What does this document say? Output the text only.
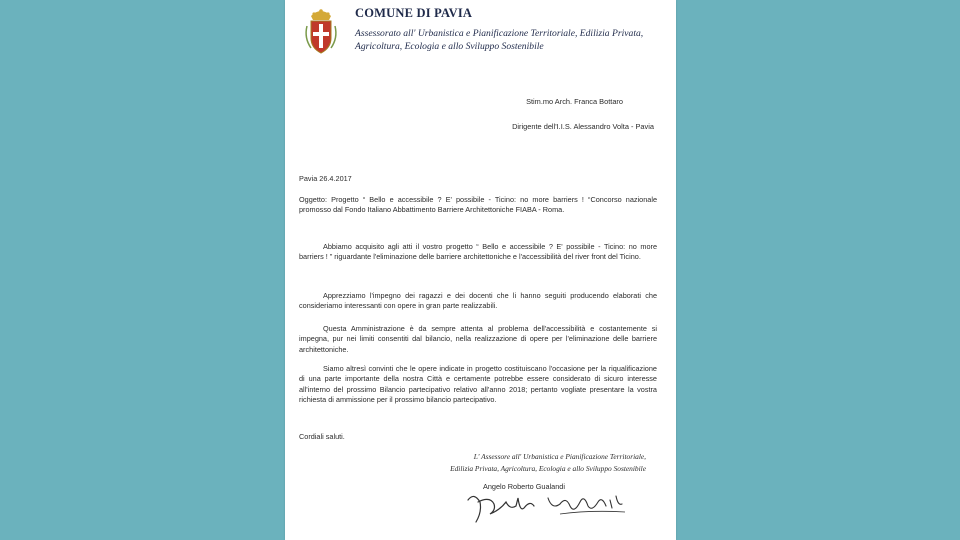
COMUNE DI PAVIA
Assessorato all' Urbanistica e Pianificazione Territoriale, Edilizia Privata, Agricoltura, Ecologia e allo Sviluppo Sostenibile
Stim.mo Arch. Franca Bottaro
Dirigente dell'I.I.S. Alessandro Volta - Pavia
Pavia 26.4.2017
Oggetto: Progetto “ Bello e accessibile ? E' possibile - Ticino: no more barriers ! “Concorso nazionale promosso dal Fondo Italiano Abbattimento Barriere Architettoniche FIABA - Roma.
Abbiamo acquisito agli atti il vostro progetto “ Bello e accessibile ? E' possibile - Ticino: no more barriers ! ” riguardante l'eliminazione delle barriere architettoniche e l'accessibilità del river front del Ticino.
Apprezziamo l'impegno dei ragazzi e dei docenti che li hanno seguiti producendo elaborati che consideriamo interessanti con opere in gran parte realizzabili.
Questa Amministrazione è da sempre attenta al problema dell'accessibilità e costantemente si impegna, pur nei limiti consentiti dal bilancio, nella realizzazione di opere per l'eliminazione delle barriere architettoniche.
Siamo altresì convinti che le opere indicate in progetto costituiscano l'occasione per la riqualificazione di una parte importante della nostra Città e certamente potrebbe essere considerato di sicuro interesse all'interno del prossimo Bilancio partecipativo relativo all'anno 2018; pertanto vogliate presentare la vostra richiesta di ammissione per il prossimo bilancio partecipativo.
Cordiali saluti.
L' Assessore all' Urbanistica e Pianificazione Territoriale,
Edilizia Privata, Agricoltura, Ecologia e allo Sviluppo Sostenibile
Angelo Roberto Gualandi
